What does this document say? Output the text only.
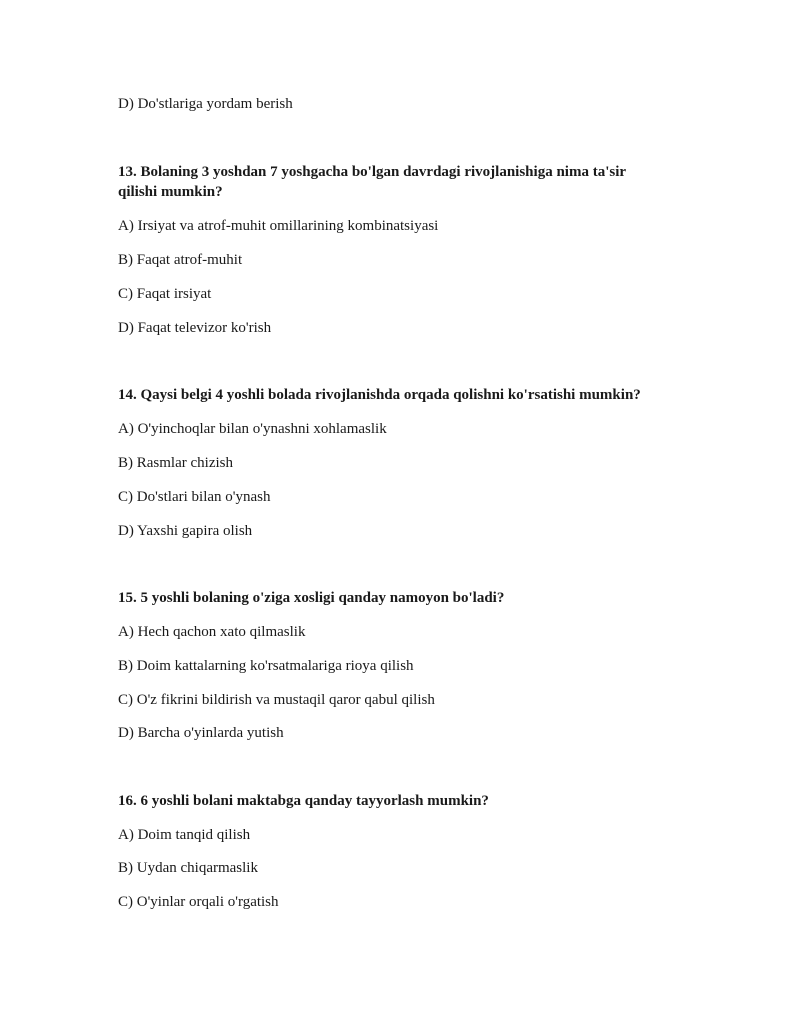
D) Do'stlariga yordam berish
13. Bolaning 3 yoshdan 7 yoshgacha bo'lgan davrdagi rivojlanishiga nima ta'sir
qilishi mumkin?
A) Irsiyat va atrof-muhit omillarining kombinatsiyasi
B) Faqat atrof-muhit
C) Faqat irsiyat
D) Faqat televizor ko'rish
14. Qaysi belgi 4 yoshli bolada rivojlanishda orqada qolishni ko'rsatishi mumkin?
A) O'yinchoqlar bilan o'ynashni xohlamaslik
B) Rasmlar chizish
C) Do'stlari bilan o'ynash
D) Yaxshi gapira olish
15. 5 yoshli bolaning o'ziga xosligi qanday namoyon bo'ladi?
A) Hech qachon xato qilmaslik
B) Doim kattalarning ko'rsatmalariga rioya qilish
C) O'z fikrini bildirish va mustaqil qaror qabul qilish
D) Barcha o'yinlarda yutish
16. 6 yoshli bolani maktabga qanday tayyorlash mumkin?
A) Doim tanqid qilish
B) Uydan chiqarmaslik
C) O'yinlar orqali o'rgatish
